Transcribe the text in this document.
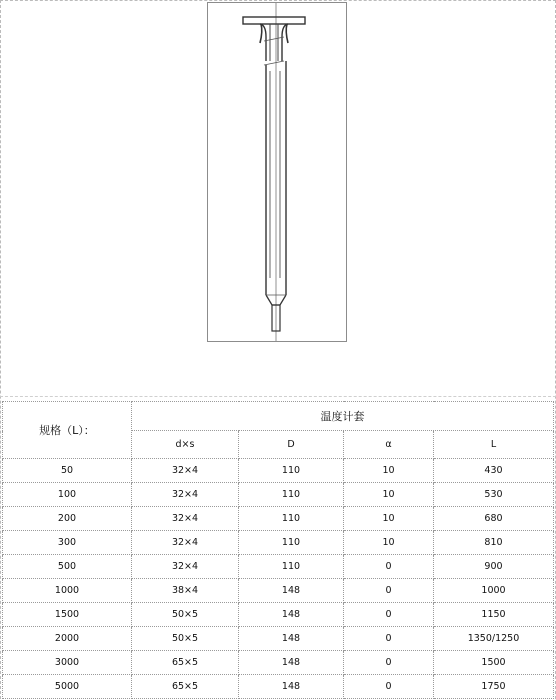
规格（L）：	温度计套			
	d×s	D	α	L
50	32×4	110	10	430
100	32×4	110	10	530
200	32×4	110	10	680
300	32×4	110	10	810
500	32×4	110	0	900
1000	38×4	148	0	1000
1500	50×5	148	0	1150
2000	50×5	148	0	1350/1250
3000	65×5	148	0	1500
5000	65×5	148	0	1750
